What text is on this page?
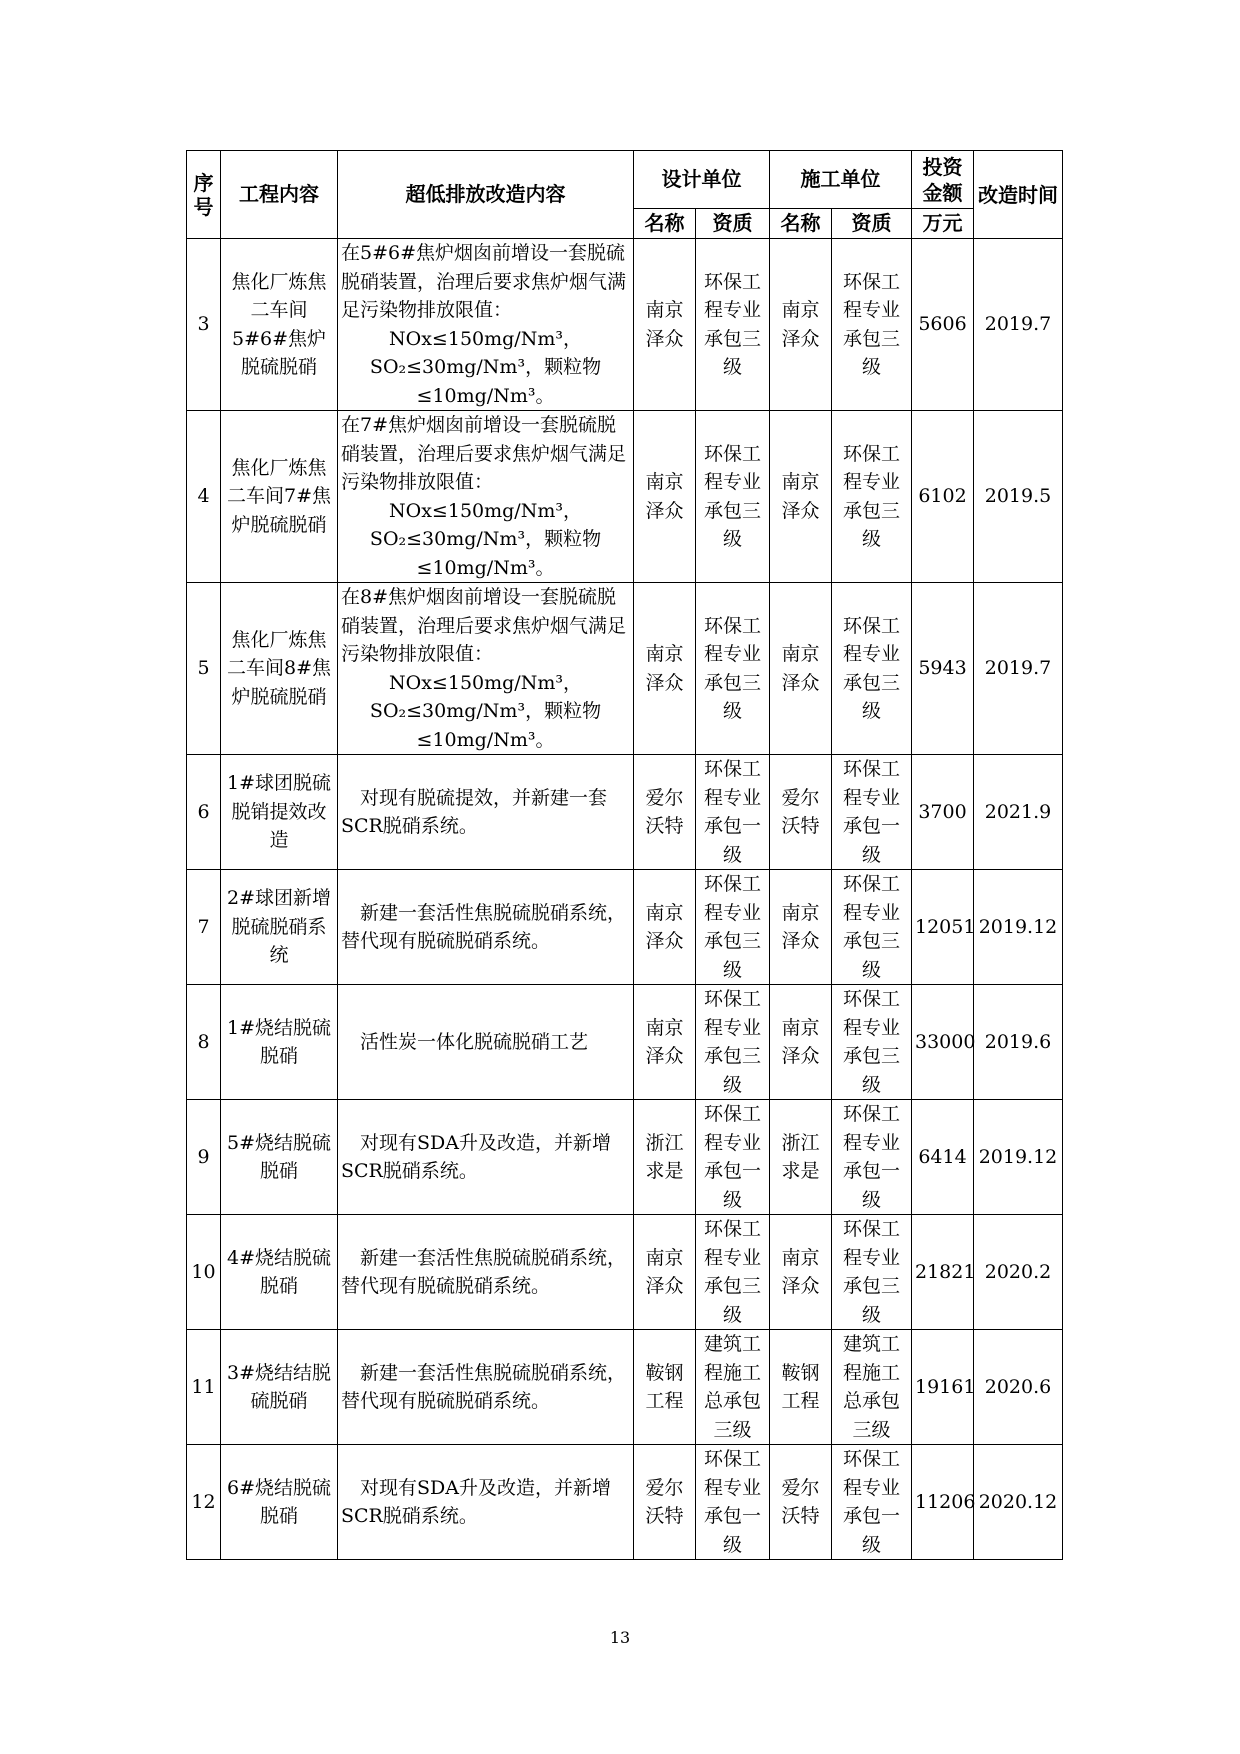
序号	工程内容	超低排放改造内容	设计单位		施工单位		投资金额	改造时间
			名称	资质	名称	资质	万元	
3	焦化厂炼焦二车间5#6#焦炉脱硫脱硝	在5#6#焦炉烟囱前增设一套脱硫脱硝装置，治理后要求焦炉烟气满足污染物排放限值：
NOx≤150mg/Nm³，
SO₂≤30mg/Nm³，颗粒物
≤10mg/Nm³。	南京泽众	环保工程专业承包三级	南京泽众	环保工程专业承包三级	5606	2019.7
4	焦化厂炼焦二车间7#焦炉脱硫脱硝	在7#焦炉烟囱前增设一套脱硫脱硝装置，治理后要求焦炉烟气满足污染物排放限值：
NOx≤150mg/Nm³，
SO₂≤30mg/Nm³，颗粒物
≤10mg/Nm³。	南京泽众	环保工程专业承包三级	南京泽众	环保工程专业承包三级	6102	2019.5
5	焦化厂炼焦二车间8#焦炉脱硫脱硝	在8#焦炉烟囱前增设一套脱硫脱硝装置，治理后要求焦炉烟气满足污染物排放限值：
NOx≤150mg/Nm³，
SO₂≤30mg/Nm³，颗粒物
≤10mg/Nm³。	南京泽众	环保工程专业承包三级	南京泽众	环保工程专业承包三级	5943	2019.7
6	1#球团脱硫脱销提效改造	对现有脱硫提效，并新建一套SCR脱硝系统。	爱尔沃特	环保工程专业承包一级	爱尔沃特	环保工程专业承包一级	3700	2021.9
7	2#球团新增脱硫脱硝系统	新建一套活性焦脱硫脱硝系统，替代现有脱硫脱硝系统。	南京泽众	环保工程专业承包三级	南京泽众	环保工程专业承包三级	12051	2019.12
8	1#烧结脱硫脱硝	活性炭一体化脱硫脱硝工艺	南京泽众	环保工程专业承包三级	南京泽众	环保工程专业承包三级	33000	2019.6
9	5#烧结脱硫脱硝	对现有SDA升及改造，并新增SCR脱硝系统。	浙江求是	环保工程专业承包一级	浙江求是	环保工程专业承包一级	6414	2019.12
10	4#烧结脱硫脱硝	新建一套活性焦脱硫脱硝系统，替代现有脱硫脱硝系统。	南京泽众	环保工程专业承包三级	南京泽众	环保工程专业承包三级	21821	2020.2
11	3#烧结结脱硫脱硝	新建一套活性焦脱硫脱硝系统，替代现有脱硫脱硝系统。	鞍钢工程	建筑工程施工总承包三级	鞍钢工程	建筑工程施工总承包三级	19161	2020.6
12	6#烧结脱硫脱硝	对现有SDA升及改造，并新增SCR脱硝系统。	爱尔沃特	环保工程专业承包一级	爱尔沃特	环保工程专业承包一级	11206	2020.12
13
